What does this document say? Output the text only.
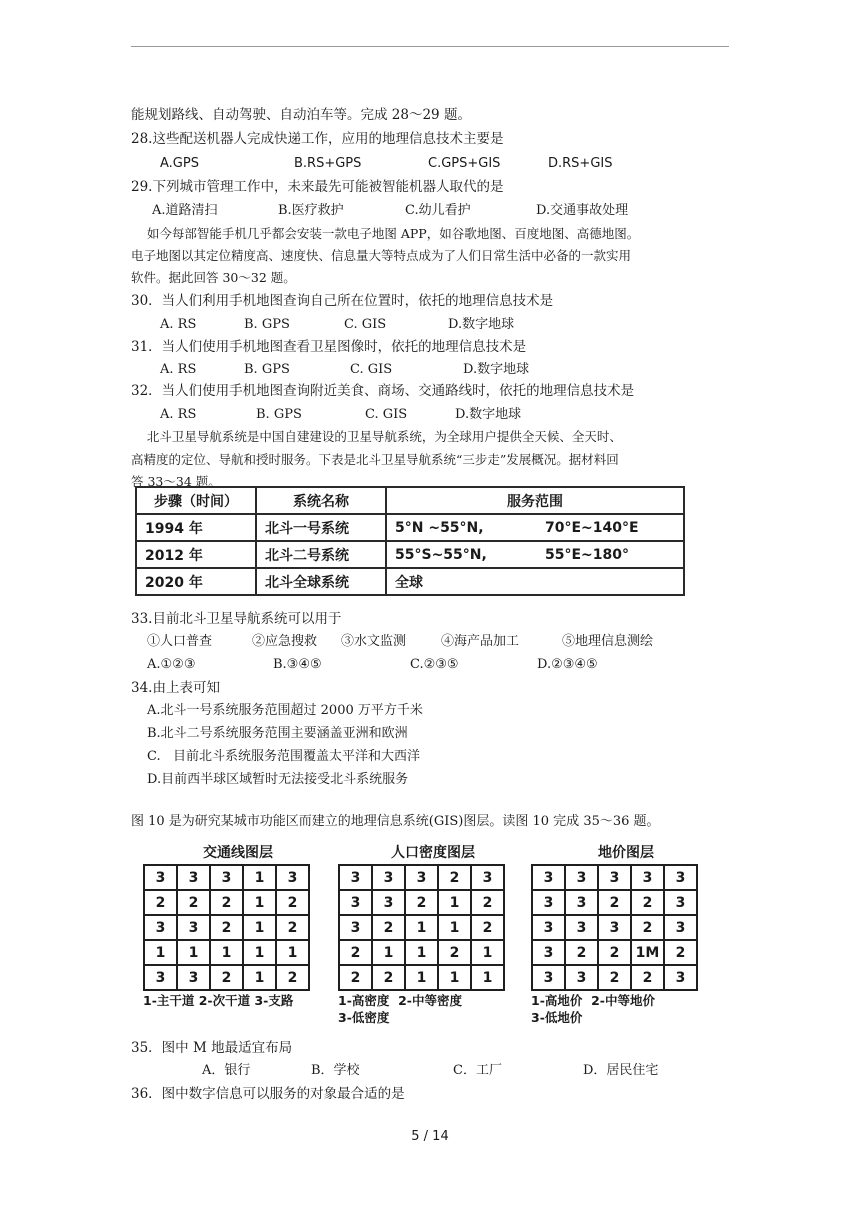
能规划路线、自动驾驶、自动泊车等。完成 28～29 题。
28.这些配送机器人完成快递工作，应用的地理信息技术主要是
A.GPS	B.RS+GPS	C.GPS+GIS	D.RS+GIS
29.下列城市管理工作中，未来最先可能被智能机器人取代的是
A.道路清扫	B.医疗救护	C.幼儿看护	D.交通事故处理
如今每部智能手机几乎都会安装一款电子地图 APP，如谷歌地图、百度地图、高德地图。
电子地图以其定位精度高、速度快、信息量大等特点成为了人们日常生活中必备的一款实用
软件。据此回答 30～32 题。
30．当人们利用手机地图查询自己所在位置时，依托的地理信息技术是
A. RS	B. GPS	C. GIS	D.数字地球
31．当人们使用手机地图查看卫星图像时，依托的地理信息技术是
A. RS	B. GPS	C. GIS	D.数字地球
32．当人们使用手机地图查询附近美食、商场、交通路线时，依托的地理信息技术是
A. RS	B. GPS	C. GIS	D.数字地球
北斗卫星导航系统是中国自建建设的卫星导航系统，为全球用户提供全天候、全天时、
高精度的定位、导航和授时服务。下表是北斗卫星导航系统“三步走”发展概况。据材料回
答 33～34 题。
步骤（时间）	系统名称	服务范围
1994 年	北斗一号系统	5°N ~55°N, 70°E~140°E
2012 年	北斗二号系统	55°S~55°N, 55°E~180°
2020 年	北斗全球系统	全球
33.目前北斗卫星导航系统可以用于
①人口普查	②应急搜救 ③水文监测	④海产品加工	⑤地理信息测绘
A.①②③	B.③④⑤	C.②③⑤	D.②③④⑤
34.由上表可知
A.北斗一号系统服务范围超过 2000 万平方千米
B.北斗二号系统服务范围主要涵盖亚洲和欧洲
C.   目前北斗系统服务范围覆盖太平洋和大西洋
D.目前西半球区域暂时无法接受北斗系统服务
图 10 是为研究某城市功能区而建立的地理信息系统(GIS)图层。读图 10 完成 35～36 题。
交通线图层
3	3	3	1	3
2	2	2	1	2
3	3	2	1	2
1	1	1	1	1
3	3	2	1	2
1-主干道 2-次干道 3-支路
人口密度图层
3	3	3	2	3
3	3	2	1	2
3	2	1	1	2
2	1	1	2	1
2	2	1	1	1
1-高密度  2-中等密度
3-低密度
地价图层
3	3	3	3	3
3	3	2	2	3
3	3	3	2	3
3	2	2	1M	2
3	3	2	2	3
1-高地价  2-中等地价
3-低地价
35．图中 M 地最适宜布局
A．银行	B．学校	C．工厂	D．居民住宅
36．图中数字信息可以服务的对象最合适的是
5 / 14
